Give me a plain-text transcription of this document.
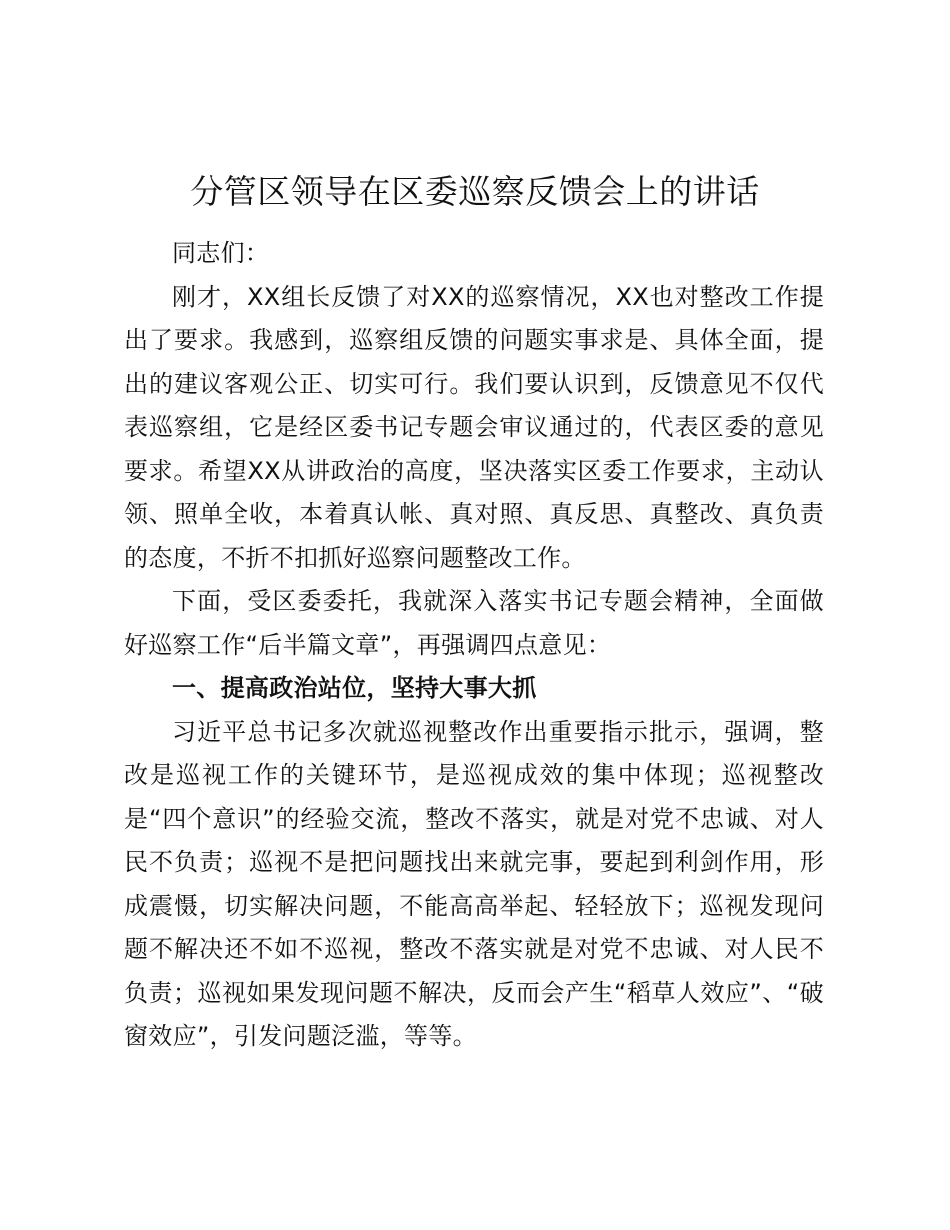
分管区领导在区委巡察反馈会上的讲话

同志们：

刚才，XX组长反馈了对XX的巡察情况，XX也对整改工作提出了要求。我感到，巡察组反馈的问题实事求是、具体全面，提出的建议客观公正、切实可行。我们要认识到，反馈意见不仅代表巡察组，它是经区委书记专题会审议通过的，代表区委的意见要求。希望XX从讲政治的高度，坚决落实区委工作要求，主动认领、照单全收，本着真认帐、真对照、真反思、真整改、真负责的态度，不折不扣抓好巡察问题整改工作。

下面，受区委委托，我就深入落实书记专题会精神，全面做好巡察工作“后半篇文章”，再强调四点意见：

一、提高政治站位，坚持大事大抓

习近平总书记多次就巡视整改作出重要指示批示，强调，整改是巡视工作的关键环节，是巡视成效的集中体现；巡视整改是“四个意识”的经验交流，整改不落实，就是对党不忠诚、对人民不负责；巡视不是把问题找出来就完事，要起到利剑作用，形成震慑，切实解决问题，不能高高举起、轻轻放下；巡视发现问题不解决还不如不巡视，整改不落实就是对党不忠诚、对人民不负责；巡视如果发现问题不解决，反而会产生“稻草人效应”、“破窗效应”，引发问题泛滥，等等。
